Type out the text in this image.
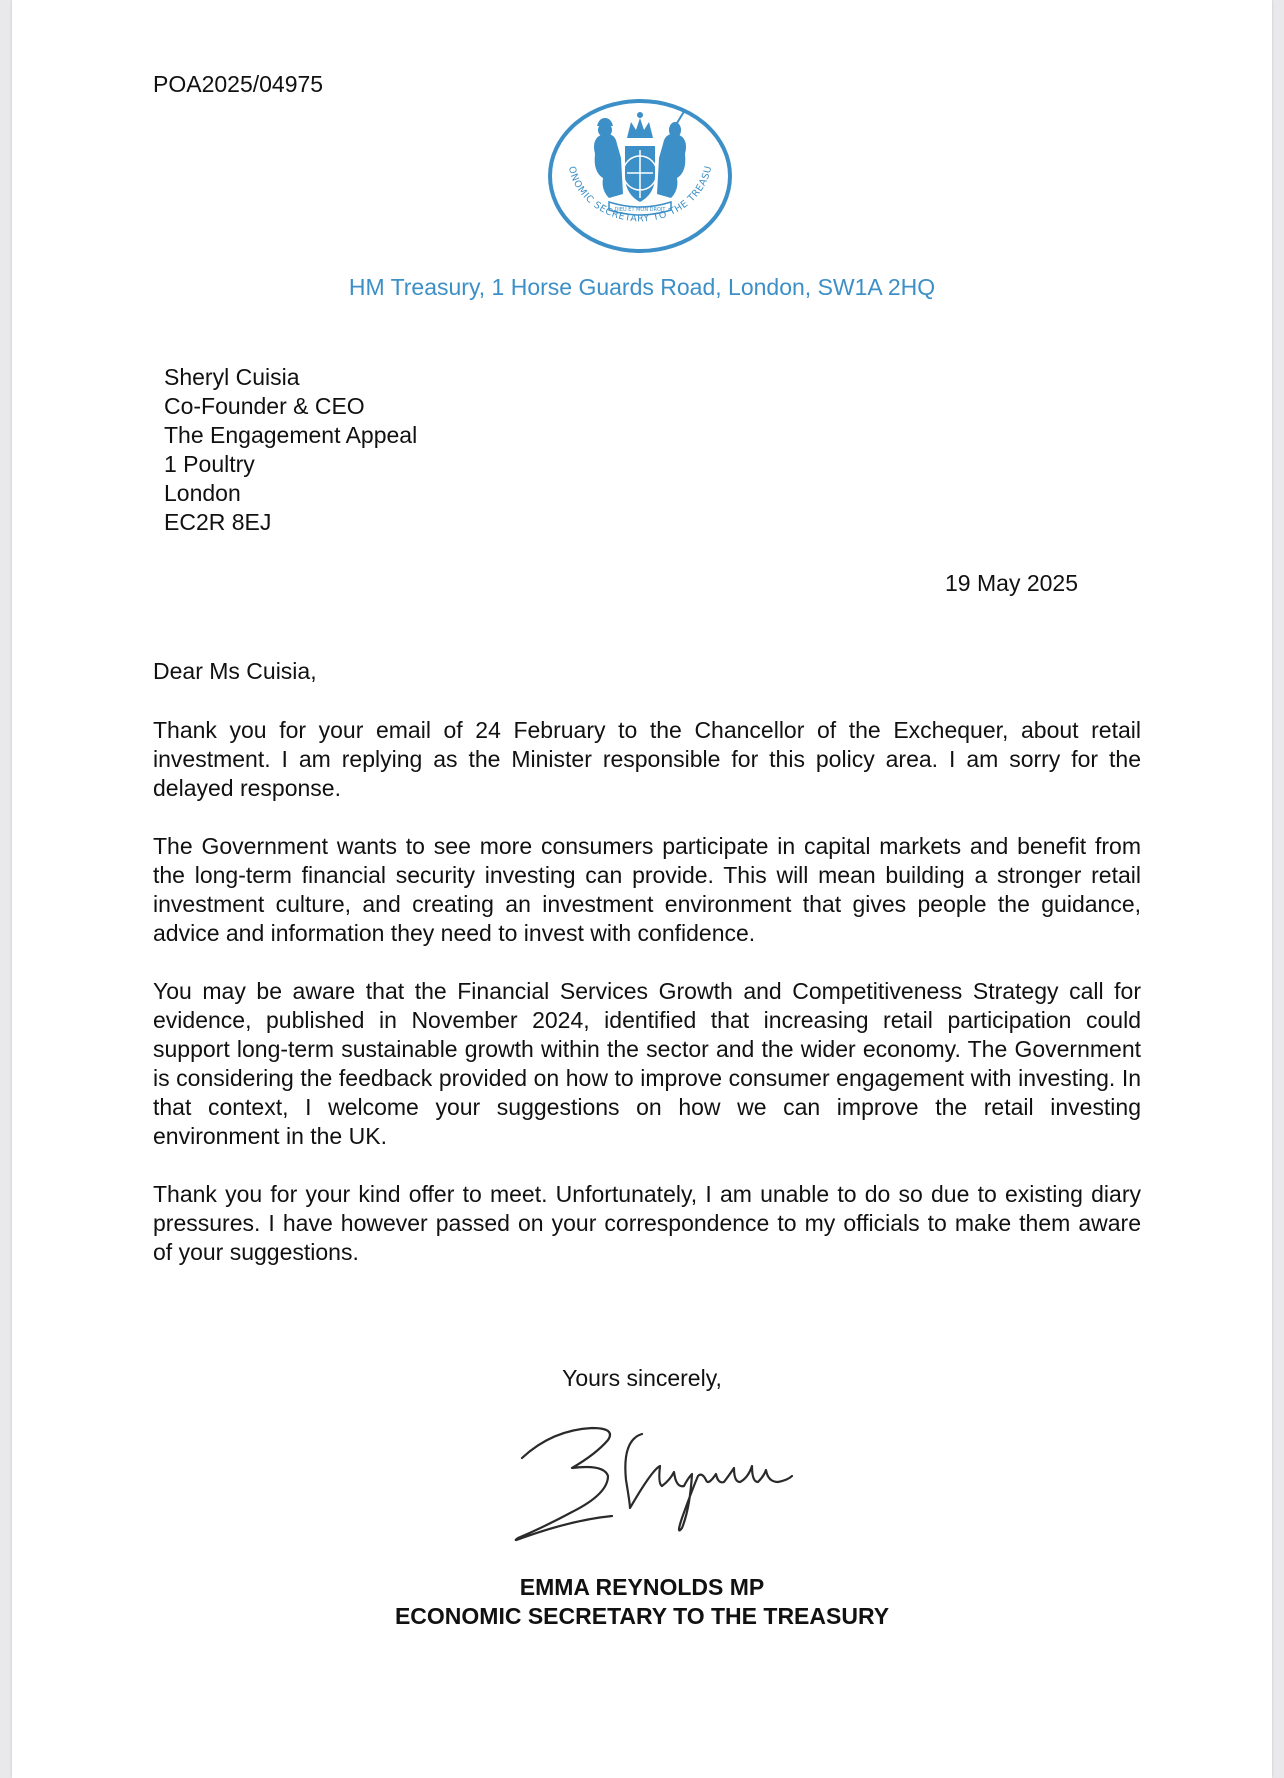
POA2025/04975
DIEU ET MON DROIT
ONOMIC SECRETARY TO THE TREASU
HM Treasury, 1 Horse Guards Road, London, SW1A 2HQ
Sheryl Cuisia
Co-Founder & CEO
The Engagement Appeal
1 Poultry
London
EC2R 8EJ
19 May 2025
Dear Ms Cuisia,

Thank you for your email of 24 February to the Chancellor of the Exchequer, about retail investment. I am replying as the Minister responsible for this policy area. I am sorry for the delayed response.

The Government wants to see more consumers participate in capital markets and benefit from the long-term financial security investing can provide. This will mean building a stronger retail investment culture, and creating an investment environment that gives people the guidance, advice and information they need to invest with confidence.

You may be aware that the Financial Services Growth and Competitiveness Strategy call for evidence, published in November 2024, identified that increasing retail participation could support long-term sustainable growth within the sector and the wider economy. The Government is considering the feedback provided on how to improve consumer engagement with investing. In that context, I welcome your suggestions on how we can improve the retail investing environment in the UK.

Thank you for your kind offer to meet. Unfortunately, I am unable to do so due to existing diary pressures. I have however passed on your correspondence to my officials to make them aware of your suggestions.

Yours sincerely,
EMMA REYNOLDS MP
ECONOMIC SECRETARY TO THE TREASURY
